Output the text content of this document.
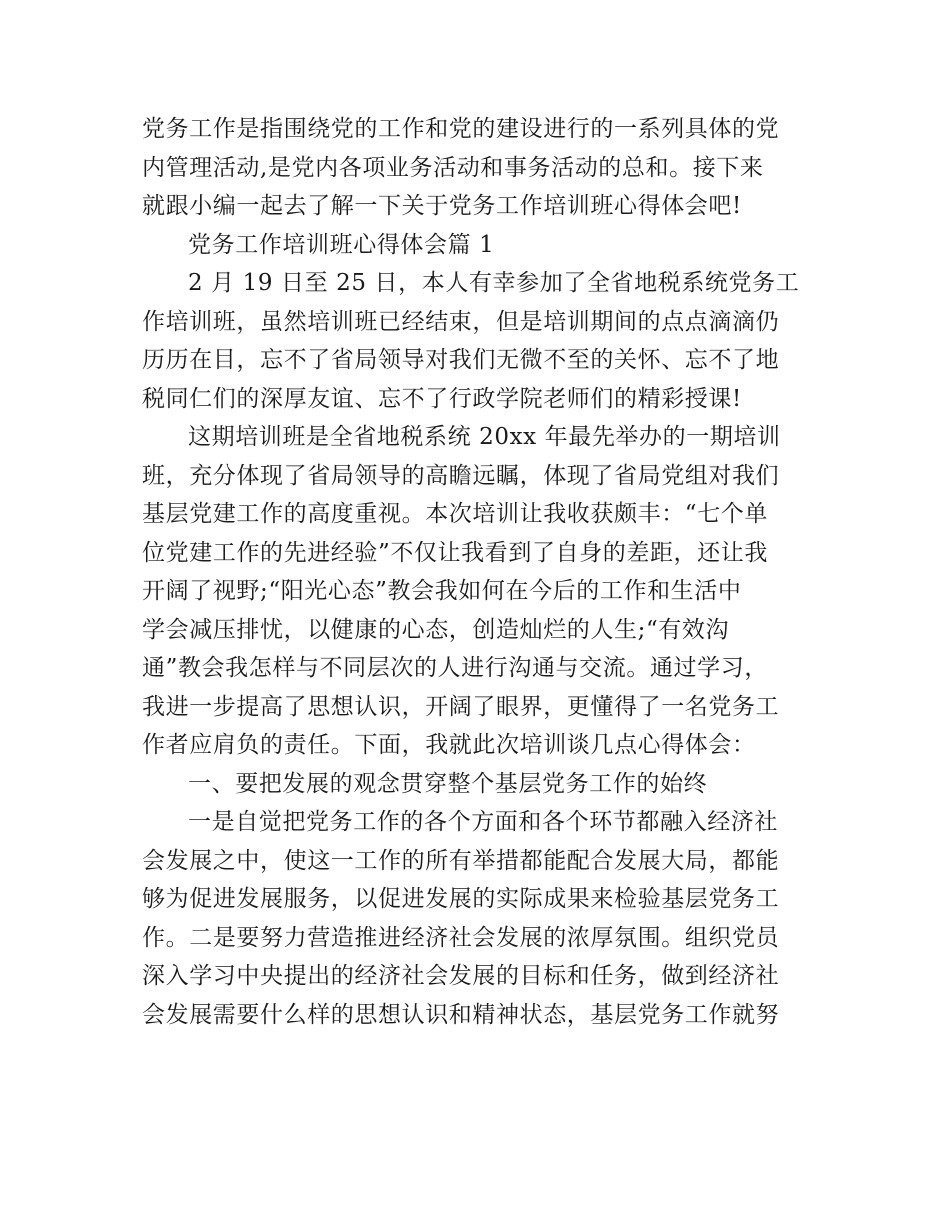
党务工作是指围绕党的工作和党的建设进行的一系列具体的党
内管理活动,是党内各项业务活动和事务活动的总和。接下来
就跟小编一起去了解一下关于党务工作培训班心得体会吧!
党务工作培训班心得体会篇 1
2 月 19 日至 25 日，本人有幸参加了全省地税系统党务工
作培训班，虽然培训班已经结束，但是培训期间的点点滴滴仍
历历在目，忘不了省局领导对我们无微不至的关怀、忘不了地
税同仁们的深厚友谊、忘不了行政学院老师们的精彩授课!
这期培训班是全省地税系统 20xx 年最先举办的一期培训
班，充分体现了省局领导的高瞻远瞩，体现了省局党组对我们
基层党建工作的高度重视。本次培训让我收获颇丰：“七个单
位党建工作的先进经验”不仅让我看到了自身的差距，还让我
开阔了视野;“阳光心态”教会我如何在今后的工作和生活中
学会减压排忧，以健康的心态，创造灿烂的人生;“有效沟
通”教会我怎样与不同层次的人进行沟通与交流。通过学习，
我进一步提高了思想认识，开阔了眼界，更懂得了一名党务工
作者应肩负的责任。下面，我就此次培训谈几点心得体会：
一、要把发展的观念贯穿整个基层党务工作的始终
一是自觉把党务工作的各个方面和各个环节都融入经济社
会发展之中，使这一工作的所有举措都能配合发展大局，都能
够为促进发展服务，以促进发展的实际成果来检验基层党务工
作。二是要努力营造推进经济社会发展的浓厚氛围。组织党员
深入学习中央提出的经济社会发展的目标和任务，做到经济社
会发展需要什么样的思想认识和精神状态，基层党务工作就努
